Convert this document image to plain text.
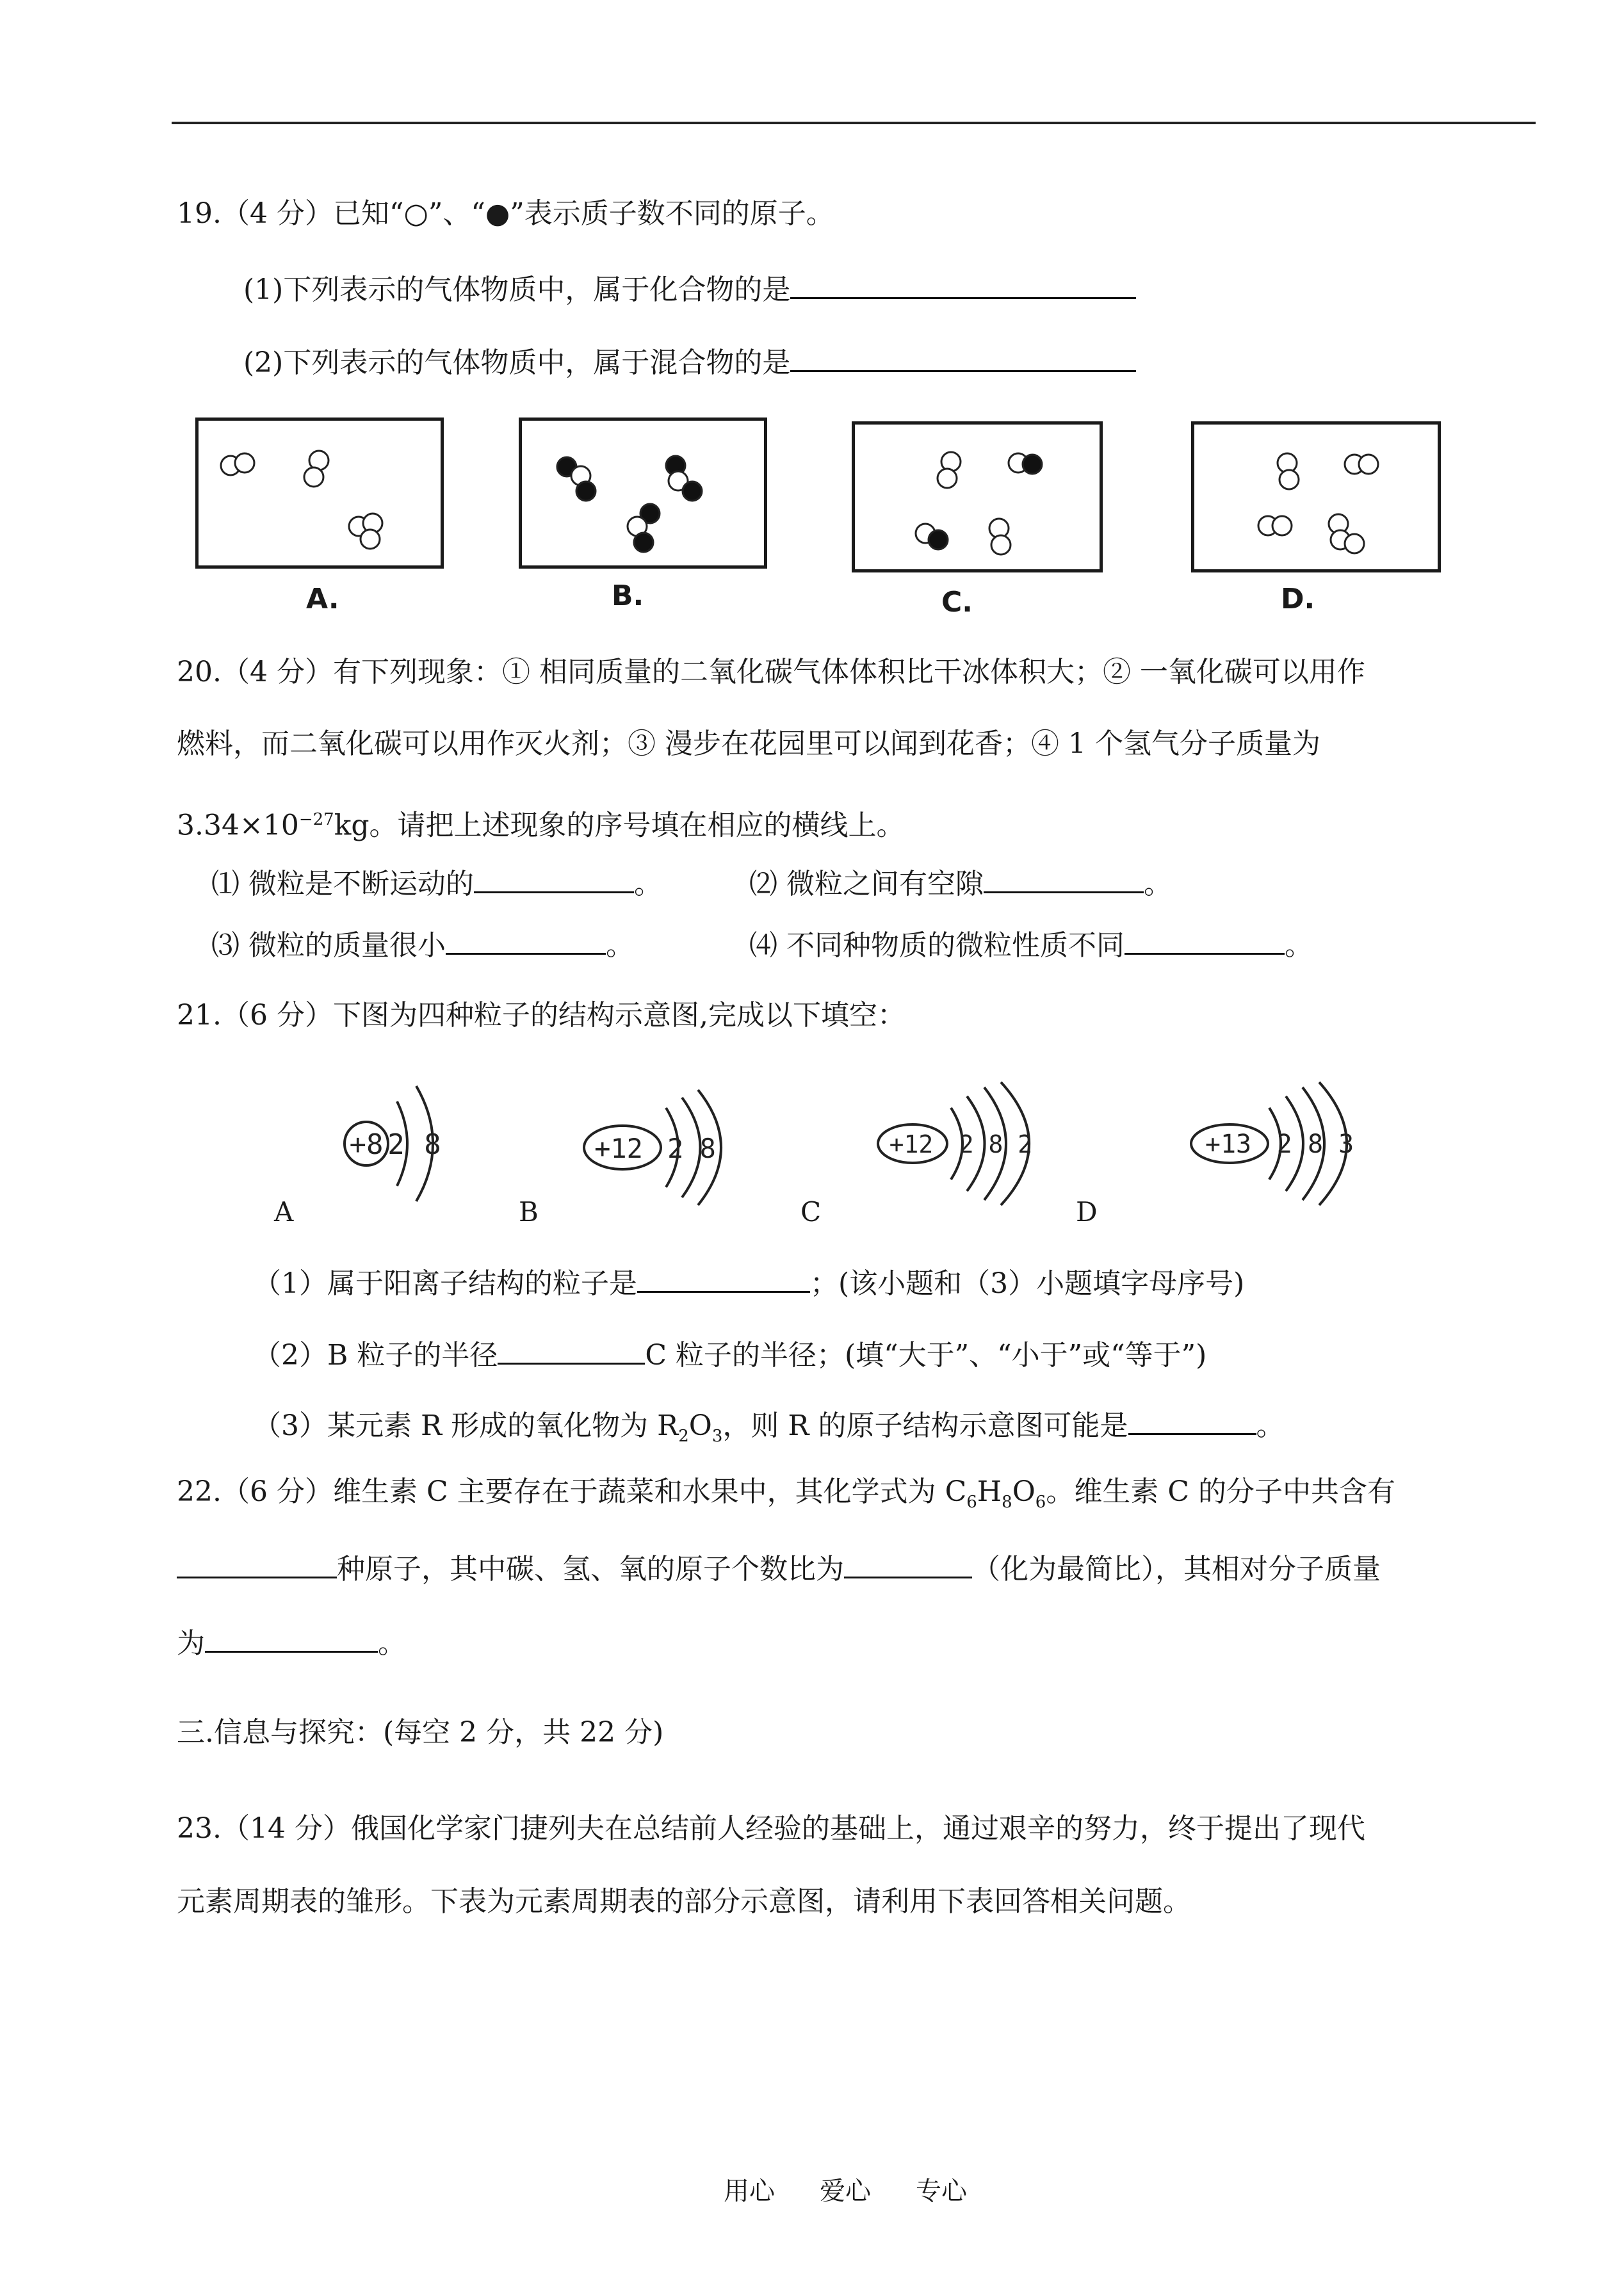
19.（4 分）已知“○”、“●”表示质子数不同的原子。
(1)下列表示的气体物质中，属于化合物的是
(2)下列表示的气体物质中，属于混合物的是
A.	B.	C.	D.
20.（4 分）有下列现象：① 相同质量的二氧化碳气体体积比干冰体积大；② 一氧化碳可以用作
燃料，而二氧化碳可以用作灭火剂；③ 漫步在花园里可以闻到花香；④ 1 个氢气分子质量为
$3.34\times 10^{-27}kg$。请把上述现象的序号填在相应的横线上。
⑴ 微粒是不断运动的	。	⑵ 微粒之间有空隙	。
⑶ 微粒的质量很小	。	⑷ 不同种物质的微粒性质不同	。
21.（6 分）下图为四种粒子的结构示意图,完成以下填空：
+8 2 8
A
+12 2 8
B
+12 2 8 2
C
+13 2 8 3
D
（1）属于阳离子结构的粒子是	；(该小题和（3）小题填字母序号)
（2）B 粒子的半径	C 粒子的半径；(填“大于”、“小于”或“等于”)
（3）某元素 R 形成的氧化物为 $R_2O_3$，则 R 的原子结构示意图可能是	。
22.（6 分）维生素 C 主要存在于蔬菜和水果中，其化学式为 $C_6H_8O_6$。维生素 C 的分子中共含有
种原子，其中碳、氢、氧的原子个数比为	（化为最简比），其相对分子质量
为	。
三.信息与探究：(每空 2 分，共 22 分)
23.（14 分）俄国化学家门捷列夫在总结前人经验的基础上，通过艰辛的努力，终于提出了现代
元素周期表的雏形。下表为元素周期表的部分示意图，请利用下表回答相关问题。
用心 爱心 专心
